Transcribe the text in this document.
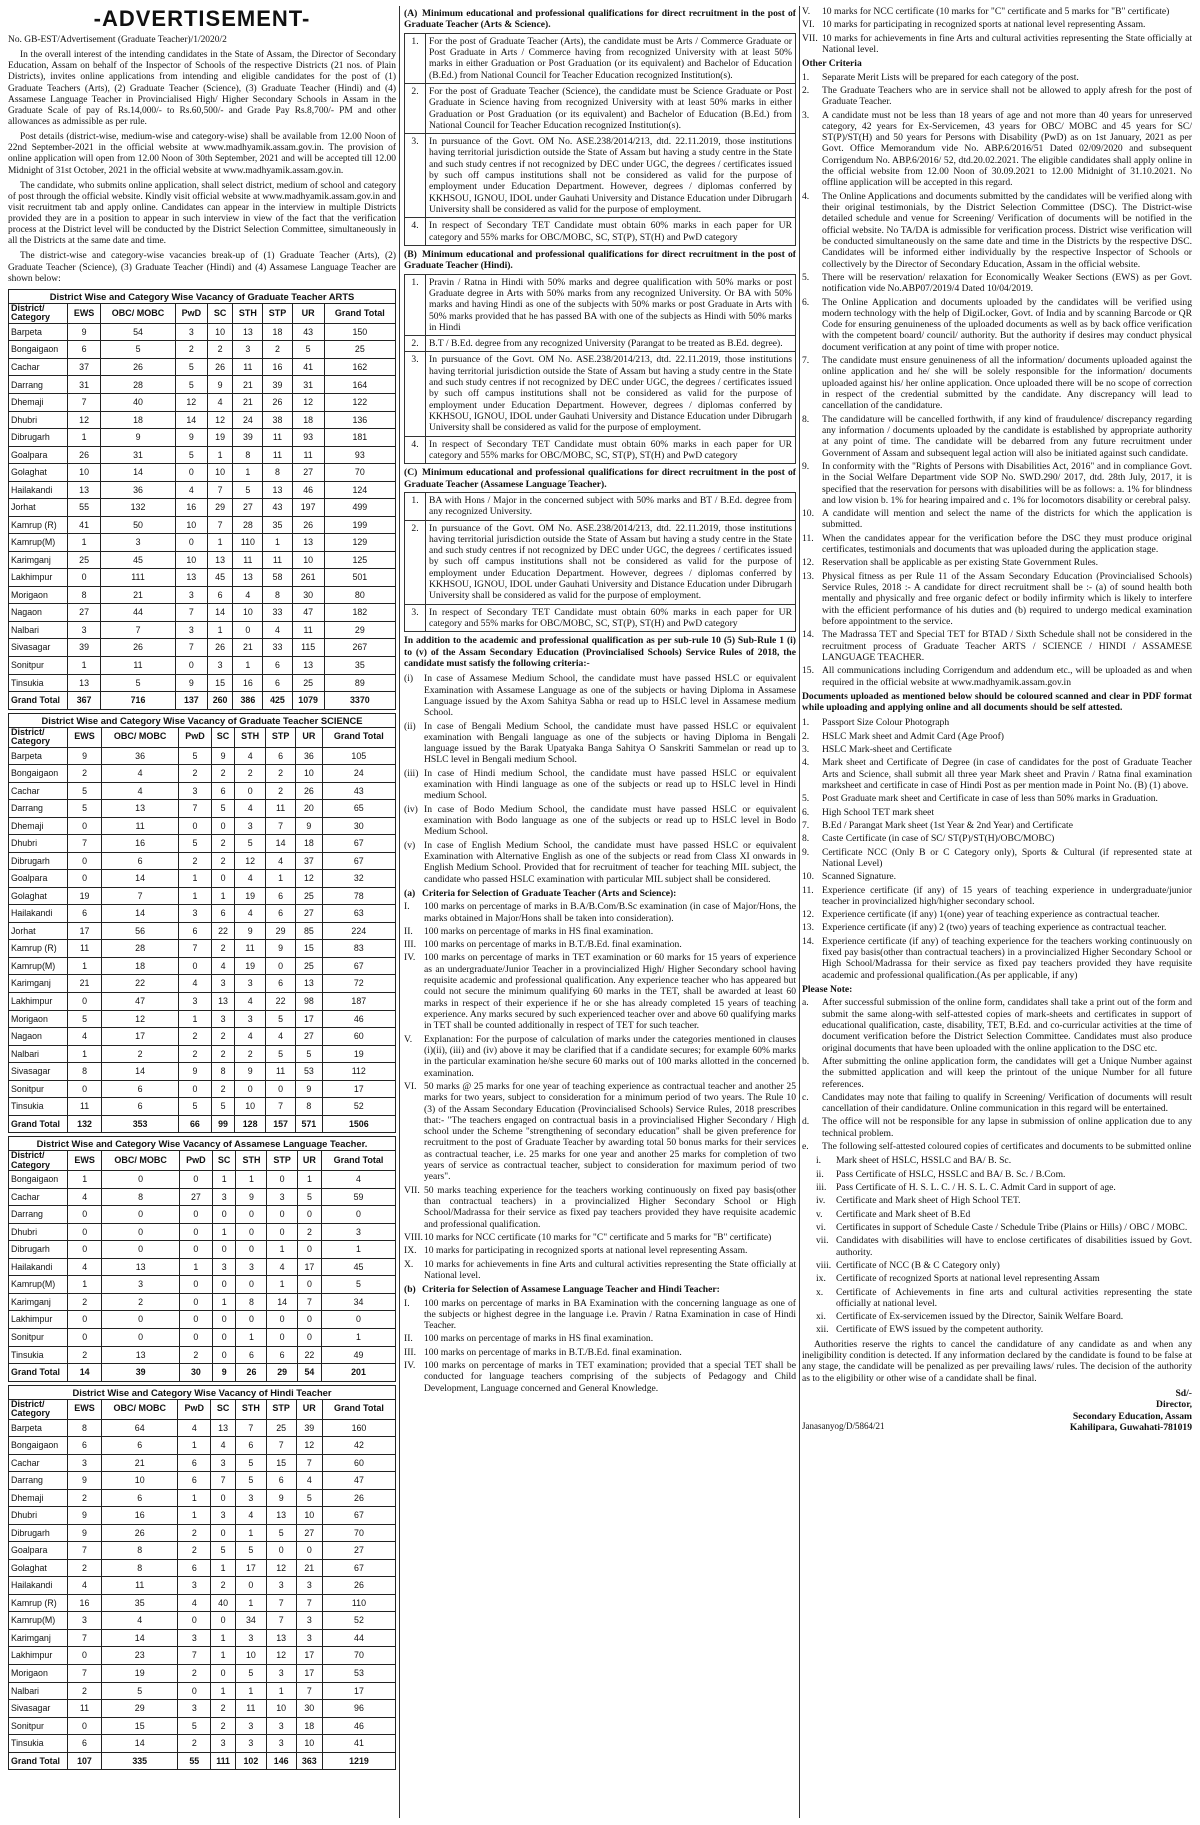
-ADVERTISEMENT-

No. GB-EST/Advertisement (Graduate Teacher)/1/2020/2

In the overall interest of the intending candidates in the State of Assam, the Director of Secondary Education, Assam on behalf of the Inspector of Schools of the respective Districts (21 nos. of Plain Districts), invites online applications from intending and eligible candidates for the post of (1) Graduate Teachers (Arts), (2) Graduate Teacher (Science), (3) Graduate Teacher (Hindi) and (4) Assamese Language Teacher in Provincialised High/ Higher Secondary Schools in Assam in the Graduate Scale of pay of Rs.14,000/- to Rs.60,500/- and Grade Pay Rs.8,700/- PM and other allowances as admissible as per rule.

Post details (district-wise, medium-wise and category-wise) shall be available from 12.00 Noon of 22nd September-2021 in the official website at www.madhyamik.assam.gov.in. The provision of online application will open from 12.00 Noon of 30th September, 2021 and will be accepted till 12.00 Midnight of 31st October, 2021 in the official website at www.madhyamik.assam.gov.in.

The candidate, who submits online application, shall select district, medium of school and category of post through the official website. Kindly visit official website at www.madhyamik.assam.gov.in and visit recruitment tab and apply online. Candidates can appear in the interview in multiple Districts provided they are in a position to appear in such interview in view of the fact that the verification process at the District level will be conducted by the District Selection Committee, simultaneously in all the Districts at the same date and time.

The district-wise and category-wise vacancies break-up of (1) Graduate Teacher (Arts), (2) Graduate Teacher (Science), (3) Graduate Teacher (Hindi) and (4) Assamese Language Teacher are shown below:

District Wise and Category Wise Vacancy of Graduate Teacher ARTS
District/ Category	EWS	OBC/ MOBC	PwD	SC	STH	STP	UR	Grand Total
Barpeta	9	54	3	10	13	18	43	150
Bongaigaon	6	5	2	2	3	2	5	25
Cachar	37	26	5	26	11	16	41	162
Darrang	31	28	5	9	21	39	31	164
Dhemaji	7	40	12	4	21	26	12	122
Dhubri	12	18	14	12	24	38	18	136
Dibrugarh	1	9	9	19	39	11	93	181
Goalpara	26	31	5	1	8	11	11	93
Golaghat	10	14	0	10	1	8	27	70
Hailakandi	13	36	4	7	5	13	46	124
Jorhat	55	132	16	29	27	43	197	499
Kamrup (R)	41	50	10	7	28	35	26	199
Kamrup(M)	1	3	0	1	110	1	13	129
Karimganj	25	45	10	13	11	11	10	125
Lakhimpur	0	111	13	45	13	58	261	501
Morigaon	8	21	3	6	4	8	30	80
Nagaon	27	44	7	14	10	33	47	182
Nalbari	3	7	3	1	0	4	11	29
Sivasagar	39	26	7	26	21	33	115	267
Sonitpur	1	11	0	3	1	6	13	35
Tinsukia	13	5	9	15	16	6	25	89
Grand Total	367	716	137	260	386	425	1079	3370
District Wise and Category Wise Vacancy of Graduate Teacher SCIENCE
District/ Category	EWS	OBC/ MOBC	PwD	SC	STH	STP	UR	Grand Total
Barpeta	9	36	5	9	4	6	36	105
Bongaigaon	2	4	2	2	2	2	10	24
Cachar	5	4	3	6	0	2	26	43
Darrang	5	13	7	5	4	11	20	65
Dhemaji	0	11	0	0	3	7	9	30
Dhubri	7	16	5	2	5	14	18	67
Dibrugarh	0	6	2	2	12	4	37	67
Goalpara	0	14	1	0	4	1	12	32
Golaghat	19	7	1	1	19	6	25	78
Hailakandi	6	14	3	6	4	6	27	63
Jorhat	17	56	6	22	9	29	85	224
Kamrup (R)	11	28	7	2	11	9	15	83
Kamrup(M)	1	18	0	4	19	0	25	67
Karimganj	21	22	4	3	3	6	13	72
Lakhimpur	0	47	3	13	4	22	98	187
Morigaon	5	12	1	3	3	5	17	46
Nagaon	4	17	2	2	4	4	27	60
Nalbari	1	2	2	2	2	5	5	19
Sivasagar	8	14	9	8	9	11	53	112
Sonitpur	0	6	0	2	0	0	9	17
Tinsukia	11	6	5	5	10	7	8	52
Grand Total	132	353	66	99	128	157	571	1506
District Wise and Category Wise Vacancy of Assamese Language Teacher.
District/ Category	EWS	OBC/ MOBC	PwD	SC	STH	STP	UR	Grand Total
Bongaigaon	1	0	0	1	1	0	1	4
Cachar	4	8	27	3	9	3	5	59
Darrang	0	0	0	0	0	0	0	0
Dhubri	0	0	0	1	0	0	2	3
Dibrugarh	0	0	0	0	0	1	0	1
Hailakandi	4	13	1	3	3	4	17	45
Kamrup(M)	1	3	0	0	0	1	0	5
Karimganj	2	2	0	1	8	14	7	34
Lakhimpur	0	0	0	0	0	0	0	0
Sonitpur	0	0	0	0	1	0	0	1
Tinsukia	2	13	2	0	6	6	22	49
Grand Total	14	39	30	9	26	29	54	201
District Wise and Category Wise Vacancy of Hindi Teacher
District/ Category	EWS	OBC/ MOBC	PwD	SC	STH	STP	UR	Grand Total
Barpeta	8	64	4	13	7	25	39	160
Bongaigaon	6	6	1	4	6	7	12	42
Cachar	3	21	6	3	5	15	7	60
Darrang	9	10	6	7	5	6	4	47
Dhemaji	2	6	1	0	3	9	5	26
Dhubri	9	16	1	3	4	13	10	67
Dibrugarh	9	26	2	0	1	5	27	70
Goalpara	7	8	2	5	5	0	0	27
Golaghat	2	8	6	1	17	12	21	67
Hailakandi	4	11	3	2	0	3	3	26
Kamrup (R)	16	35	4	40	1	7	7	110
Kamrup(M)	3	4	0	0	34	7	3	52
Karimganj	7	14	3	1	3	13	3	44
Lakhimpur	0	23	7	1	10	12	17	70
Morigaon	7	19	2	0	5	3	17	53
Nalbari	2	5	0	1	1	1	7	17
Sivasagar	11	29	3	2	11	10	30	96
Sonitpur	0	15	5	2	3	3	18	46
Tinsukia	6	14	2	3	3	3	10	41
Grand Total	107	335	55	111	102	146	363	1219
(A) Minimum educational and professional qualifications for direct recruitment in the post of Graduate Teacher (Arts & Science).
1.	For the post of Graduate Teacher (Arts), the candidate must be Arts / Commerce Graduate or Post Graduate in Arts / Commerce having from recognized University with at least 50% marks in either Graduation or Post Graduation (or its equivalent) and Bachelor of Education (B.Ed.) from National Council for Teacher Education recognized Institution(s).
2.	For the post of Graduate Teacher (Science), the candidate must be Science Graduate or Post Graduate in Science having from recognized University with at least 50% marks in either Graduation or Post Graduation (or its equivalent) and Bachelor of Education (B.Ed.) from National Council for Teacher Education recognized Institution(s).
3.	In pursuance of the Govt. OM No. ASE.238/2014/213, dtd. 22.11.2019, those institutions having territorial jurisdiction outside the State of Assam but having a study centre in the State and such study centres if not recognized by DEC under UGC, the degrees / certificates issued by such off campus institutions shall not be considered as valid for the purpose of employment under Education Department. However, degrees / diplomas conferred by KKHSOU, IGNOU, IDOL under Gauhati University and Distance Education under Dibrugarh University shall be considered as valid for the purpose of employment.
4.	In respect of Secondary TET Candidate must obtain 60% marks in each paper for UR category and 55% marks for OBC/MOBC, SC, ST(P), ST(H) and PwD category
(B) Minimum educational and professional qualifications for direct recruitment in the post of Graduate Teacher (Hindi).
1.	Pravin / Ratna in Hindi with 50% marks and degree qualification with 50% marks or post Graduate degree in Arts with 50% marks from any recognized University. Or BA with 50% marks and having Hindi as one of the subjects with 50% marks or post Graduate in Arts with 50% marks provided that he has passed BA with one of the subjects as Hindi with 50% marks in Hindi
2.	B.T / B.Ed. degree from any recognized University (Parangat to be treated as B.Ed. degree).
3.	In pursuance of the Govt. OM No. ASE.238/2014/213, dtd. 22.11.2019, those institutions having territorial jurisdiction outside the State of Assam but having a study centre in the State and such study centres if not recognized by DEC under UGC, the degrees / certificates issued by such off campus institutions shall not be considered as valid for the purpose of employment under Education Department. However, degrees / diplomas conferred by KKHSOU, IGNOU, IDOL under Gauhati University and Distance Education under Dibrugarh University shall be considered as valid for the purpose of employment.
4.	In respect of Secondary TET Candidate must obtain 60% marks in each paper for UR category and 55% marks for OBC/MOBC, SC, ST(P), ST(H) and PwD category
(C) Minimum educational and professional qualifications for direct recruitment in the post of Graduate Teacher (Assamese Language Teacher).
1.	BA with Hons / Major in the concerned subject with 50% marks and BT / B.Ed. degree from any recognized University.
2.	In pursuance of the Govt. OM No. ASE.238/2014/213, dtd. 22.11.2019, those institutions having territorial jurisdiction outside the State of Assam but having a study centre in the State and such study centres if not recognized by DEC under UGC, the degrees / certificates issued by such off campus institutions shall not be considered as valid for the purpose of employment under Education Department. However, degrees / diplomas conferred by KKHSOU, IGNOU, IDOL under Gauhati University and Distance Education under Dibrugarh University shall be considered as valid for the purpose of employment.
3.	In respect of Secondary TET Candidate must obtain 60% marks in each paper for UR category and 55% marks for OBC/MOBC, SC, ST(P), ST(H) and PwD category

In addition to the academic and professional qualification as per sub-rule 10 (5) Sub-Rule 1 (i) to (v) of the Assam Secondary Education (Provincialised Schools) Service Rules of 2018, the candidate must satisfy the following criteria:-

(i)	In case of Assamese Medium School, the candidate must have passed HSLC or equivalent Examination with Assamese Language as one of the subjects or having Diploma in Assamese Language issued by the Axom Sahitya Sabha or read up to HSLC level in Assamese medium School.
(ii) In case of Bengali Medium School, the candidate must have passed HSLC or equivalent examination with Bengali language as one of the subjects or having Diploma in Bengali language issued by the Barak Upatyaka Banga Sahitya O Sanskriti Sammelan or read up to HSLC level in Bengali medium School.
(iii) In case of Hindi medium School, the candidate must have passed HSLC or equivalent examination with Hindi language as one of the subjects or read up to HSLC level in Hindi medium School.
(iv) In case of Bodo Medium School, the candidate must have passed HSLC or equivalent examination with Bodo language as one of the subjects or read up to HSLC level in Bodo Medium School.
(v) In case of English Medium School, the candidate must have passed HSLC or equivalent Examination with Alternative English as one of the subjects or read from Class XI onwards in English Medium School. Provided that for recruitment of teacher for teaching MIL subject, the candidate who passed HSLC examination with particular MIL subject shall be considered.
(a) Criteria for Selection of Graduate Teacher (Arts and Science):
I.	100 marks on percentage of marks in B.A/B.Com/B.Sc examination (in case of Major/Hons, the marks obtained in Major/Hons shall be taken into consideration).
II.	100 marks on percentage of marks in HS final examination.
III. 100 marks on percentage of marks in B.T./B.Ed. final examination.
IV. 100 marks on percentage of marks in TET examination or 60 marks for 15 years of experience as an undergraduate/Junior Teacher in a provincialized High/ Higher Secondary school having requisite academic and professional qualification. Any experience teacher who has appeared but could not secure the minimum qualifying 60 marks in the TET, shall be awarded at least 60 marks in respect of their experience if he or she has already completed 15 years of teaching experience. Any marks secured by such experienced teacher over and above 60 qualifying marks in TET shall be counted additionally in respect of TET for such teacher.
V.	Explanation: For the purpose of calculation of marks under the categories mentioned in clauses (i)(ii), (iii) and (iv) above it may be clarified that if a candidate secures; for example 60% marks in the particular examination he/she secure 60 marks out of 100 marks allotted in the concerned examination.
VI. 50 marks @ 25 marks for one year of teaching experience as contractual teacher and another 25 marks for two years, subject to consideration for a minimum period of two years. The Rule 10 (3) of the Assam Secondary Education (Provincialised Schools) Service Rules, 2018 prescribes that:- "The teachers engaged on contractual basis in a provincialised Higher Secondary / High school under the Scheme "strengthening of secondary education" shall be given preference for recruitment to the post of Graduate Teacher by awarding total 50 bonus marks for their services as contractual teacher, i.e. 25 marks for one year and another 25 marks for completion of two years of service as contractual teacher, subject to consideration for maximum period of two years".
VII. 50 marks teaching experience for the teachers working continuously on fixed pay basis(other than contractual teachers) in a provincialized Higher Secondary School or High School/Madrassa for their service as fixed pay teachers provided they have requisite academic and professional qualification.
VIII. 10 marks for NCC certificate (10 marks for "C" certificate and 5 marks for "B" certificate)
IX. 10 marks for participating in recognized sports at national level representing Assam.
X.	10 marks for achievements in fine Arts and cultural activities representing the State officially at National level.
(b) Criteria for Selection of Assamese Language Teacher and Hindi Teacher:
I.	100 marks on percentage of marks in BA Examination with the concerning language as one of the subjects or highest degree in the language i.e. Pravin / Ratna Examination in case of Hindi Teacher.
II.	100 marks on percentage of marks in HS final examination.
III. 100 marks on percentage of marks in B.T./B.Ed. final examination.
IV. 100 marks on percentage of marks in TET examination; provided that a special TET shall be conducted for language teachers comprising of the subjects of Pedagogy and Child Development, Language concerned and General Knowledge.
V.	10 marks for NCC certificate (10 marks for "C" certificate and 5 marks for "B" certificate)
VI. 10 marks for participating in recognized sports at national level representing Assam.
VII. 10 marks for achievements in fine Arts and cultural activities representing the State officially at National level.
Other Criteria
1.	Separate Merit Lists will be prepared for each category of the post.
2.	The Graduate Teachers who are in service shall not be allowed to apply afresh for the post of Graduate Teacher.
3.	A candidate must not be less than 18 years of age and not more than 40 years for unreserved category, 42 years for Ex-Servicemen, 43 years for OBC/ MOBC and 45 years for SC/ ST(P)/ST(H) and 50 years for Persons with Disability (PwD) as on 1st January, 2021 as per Govt. Office Memorandum vide No. ABP.6/2016/51 Dated 02/09/2020 and subsequent Corrigendum No. ABP.6/2016/ 52, dtd.20.02.2021. The eligible candidates shall apply online in the official website from 12.00 Noon of 30.09.2021 to 12.00 Midnight of 31.10.2021. No offline application will be accepted in this regard.
4.	The Online Applications and documents submitted by the candidates will be verified along with their original testimonials, by the District Selection Committee (DSC). The District-wise detailed schedule and venue for Screening/ Verification of documents will be notified in the official website. No TA/DA is admissible for verification process. District wise verification will be conducted simultaneously on the same date and time in the Districts by the respective DSC. Candidates will be informed either individually by the respective Inspector of Schools or collectively by the Director of Secondary Education, Assam in the official website.
5.	There will be reservation/ relaxation for Economically Weaker Sections (EWS) as per Govt. notification vide No.ABP07/2019/4 Dated 10/04/2019.
6.	The Online Application and documents uploaded by the candidates will be verified using modern technology with the help of DigiLocker, Govt. of India and by scanning Barcode or QR Code for ensuring genuineness of the uploaded documents as well as by back office verification with the competent board/ council/ authority. But the authority if desires may conduct physical document verification at any point of time with proper notice.
7.	The candidate must ensure genuineness of all the information/ documents uploaded against the online application and he/ she will be solely responsible for the information/ documents uploaded against his/ her online application. Once uploaded there will be no scope of correction in respect of the credential submitted by the candidate. Any discrepancy will lead to cancellation of the candidature.
8.	The candidature will be cancelled forthwith, if any kind of fraudulence/ discrepancy regarding any information / documents uploaded by the candidate is established by appropriate authority at any point of time. The candidate will be debarred from any future recruitment under Government of Assam and subsequent legal action will also be initiated against such candidate.
9.	In conformity with the "Rights of Persons with Disabilities Act, 2016" and in compliance Govt. in the Social Welfare Department vide SOP No. SWD.290/ 2017, dtd. 28th July, 2017, it is specified that the reservation for persons with disabilities will be as follows: a. 1% for blindness and low vision b. 1% for hearing impaired and c. 1% for locomotors disability or cerebral palsy.
10. A candidate will mention and select the name of the districts for which the application is submitted.
11. When the candidates appear for the verification before the DSC they must produce original certificates, testimonials and documents that was uploaded during the application stage.
12. Reservation shall be applicable as per existing State Government Rules.
13. Physical fitness as per Rule 11 of the Assam Secondary Education (Provincialised Schools) Service Rules, 2018 :- A candidate for direct recruitment shall be :- (a) of sound health both mentally and physically and free organic defect or bodily infirmity which is likely to interfere with the efficient performance of his duties and (b) required to undergo medical examination before appointment to the service.
14. The Madrassa TET and Special TET for BTAD / Sixth Schedule shall not be considered in the recruitment process of Graduate Teacher ARTS / SCIENCE / HINDI / ASSAMESE LANGUAGE TEACHER.
15. All communications including Corrigendum and addendum etc., will be uploaded as and when required in the official website at www.madhyamik.assam.gov.in

Documents uploaded as mentioned below should be coloured scanned and clear in PDF format while uploading and applying online and all documents should be self attested.

1.	Passport Size Colour Photograph
2.	HSLC Mark sheet and Admit Card (Age Proof)
3.	HSLC Mark-sheet and Certificate
4.	Mark sheet and Certificate of Degree (in case of candidates for the post of Graduate Teacher Arts and Science, shall submit all three year Mark sheet and Pravin / Ratna final examination marksheet and certificate in case of Hindi Post as per mention made in Point No. (B) (1) above.
5.	Post Graduate mark sheet and Certificate in case of less than 50% marks in Graduation.
6.	High School TET mark sheet
7.	B.Ed / Parangat Mark sheet (1st Year & 2nd Year) and Certificate
8.	Caste Certificate (in case of SC/ ST(P)/ST(H)/OBC/MOBC)
9.	Certificate NCC (Only B or C Category only), Sports & Cultural (if represented state at National Level)
10. Scanned Signature.
11. Experience certificate (if any) of 15 years of teaching experience in undergraduate/junior teacher in provincialized high/higher secondary school.
12. Experience certificate (if any) 1(one) year of teaching experience as contractual teacher.
13. Experience certificate (if any) 2 (two) years of teaching experience as contractual teacher.
14. Experience certificate (if any) of teaching experience for the teachers working continuously on fixed pay basis(other than contractual teachers) in a provincialized Higher Secondary School or High School/Madrassa for their service as fixed pay teachers provided they have requisite academic and professional qualification.(As per applicable, if any)
Please Note:
a.	After successful submission of the online form, candidates shall take a print out of the form and submit the same along-with self-attested copies of mark-sheets and certificates in support of educational qualification, caste, disability, TET, B.Ed. and co-curricular activities at the time of document verification before the District Selection Committee. Candidates must also produce original documents that have been uploaded with the online application to the DSC etc.
b.	After submitting the online application form, the candidates will get a Unique Number against the submitted application and will keep the printout of the unique Number for all future references.
c.	Candidates may note that failing to qualify in Screening/ Verification of documents will result cancellation of their candidature. Online communication in this regard will be entertained.
d.	The office will not be responsible for any lapse in submission of online application due to any technical problem.
e.	The following self-attested coloured copies of certificates and documents to be submitted online
i.	Mark sheet of HSLC, HSSLC and BA/ B. Sc.
ii.	Pass Certificate of HSLC, HSSLC and BA/ B. Sc. / B.Com.
iii. Pass Certificate of H. S. L. C. / H. S. L. C. Admit Card in support of age.
iv.	Certificate and Mark sheet of High School TET.
v.	Certificate and Mark sheet of B.Ed
vi.	Certificates in support of Schedule Caste / Schedule Tribe (Plains or Hills) / OBC / MOBC.
vii. Candidates with disabilities will have to enclose certificates of disabilities issued by Govt. authority.
viii. Certificate of NCC (B & C Category only)
ix.	Certificate of recognized Sports at national level representing Assam
x.	Certificate of Achievements in fine arts and cultural activities representing the state officially at national level.
xi.	Certificate of Ex-servicemen issued by the Director, Sainik Welfare Board.
xii. Certificate of EWS issued by the competent authority.

Authorities reserve the rights to cancel the candidature of any candidate as and when any ineligibility condition is detected. If any information declared by the candidate is found to be false at any stage, the candidate will be penalized as per prevailing laws/ rules. The decision of the authority as to the eligibility or other wise of a candidate shall be final.

Sd/-
Director,
Secondary Education, Assam
Kahilipara, Guwahati-781019
Janasanyog/D/5864/21
